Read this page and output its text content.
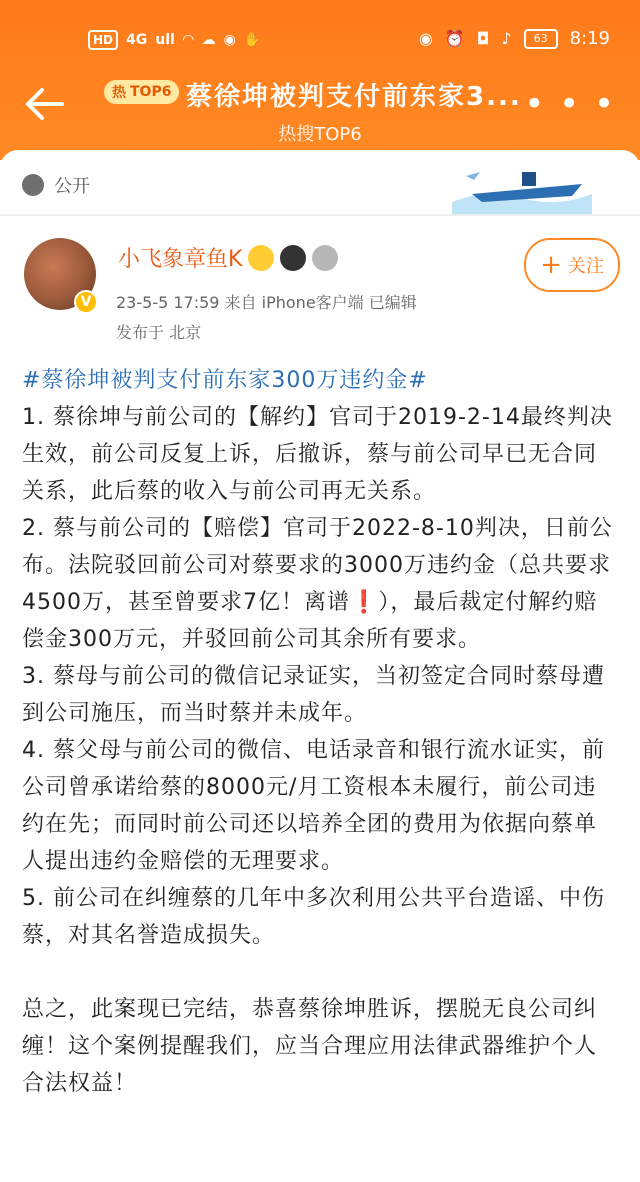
HD 4G ull ◠ ☁ ◉ ✋	◉ ⏰ ◘ ♪	63	8:19
热 TOP6 蔡徐坤被判支付前东家3...
热搜TOP6
• • •
公开
V
小飞象章鱼K
23-5-5 17:59 来自 iPhone客户端 已编辑
发布于 北京
+ 关注

#蔡徐坤被判支付前东家300万违约金#

1. 蔡徐坤与前公司的【解约】官司于2019-2-14最终判决生效，前公司反复上诉，后撤诉，蔡与前公司早已无合同关系，此后蔡的收入与前公司再无关系。

2. 蔡与前公司的【赔偿】官司于2022-8-10判决，日前公布。法院驳回前公司对蔡要求的3000万违约金（总共要求4500万，甚至曾要求7亿！离谱❗），最后裁定付解约赔偿金300万元，并驳回前公司其余所有要求。

3. 蔡母与前公司的微信记录证实，当初签定合同时蔡母遭到公司施压，而当时蔡并未成年。

4. 蔡父母与前公司的微信、电话录音和银行流水证实，前公司曾承诺给蔡的8000元/月工资根本未履行，前公司违约在先；而同时前公司还以培养全团的费用为依据向蔡单人提出违约金赔偿的无理要求。

5. 前公司在纠缠蔡的几年中多次利用公共平台造谣、中伤蔡，对其名誉造成损失。

总之，此案现已完结，恭喜蔡徐坤胜诉，摆脱无良公司纠缠！这个案例提醒我们，应当合理应用法律武器维护个人合法权益！
